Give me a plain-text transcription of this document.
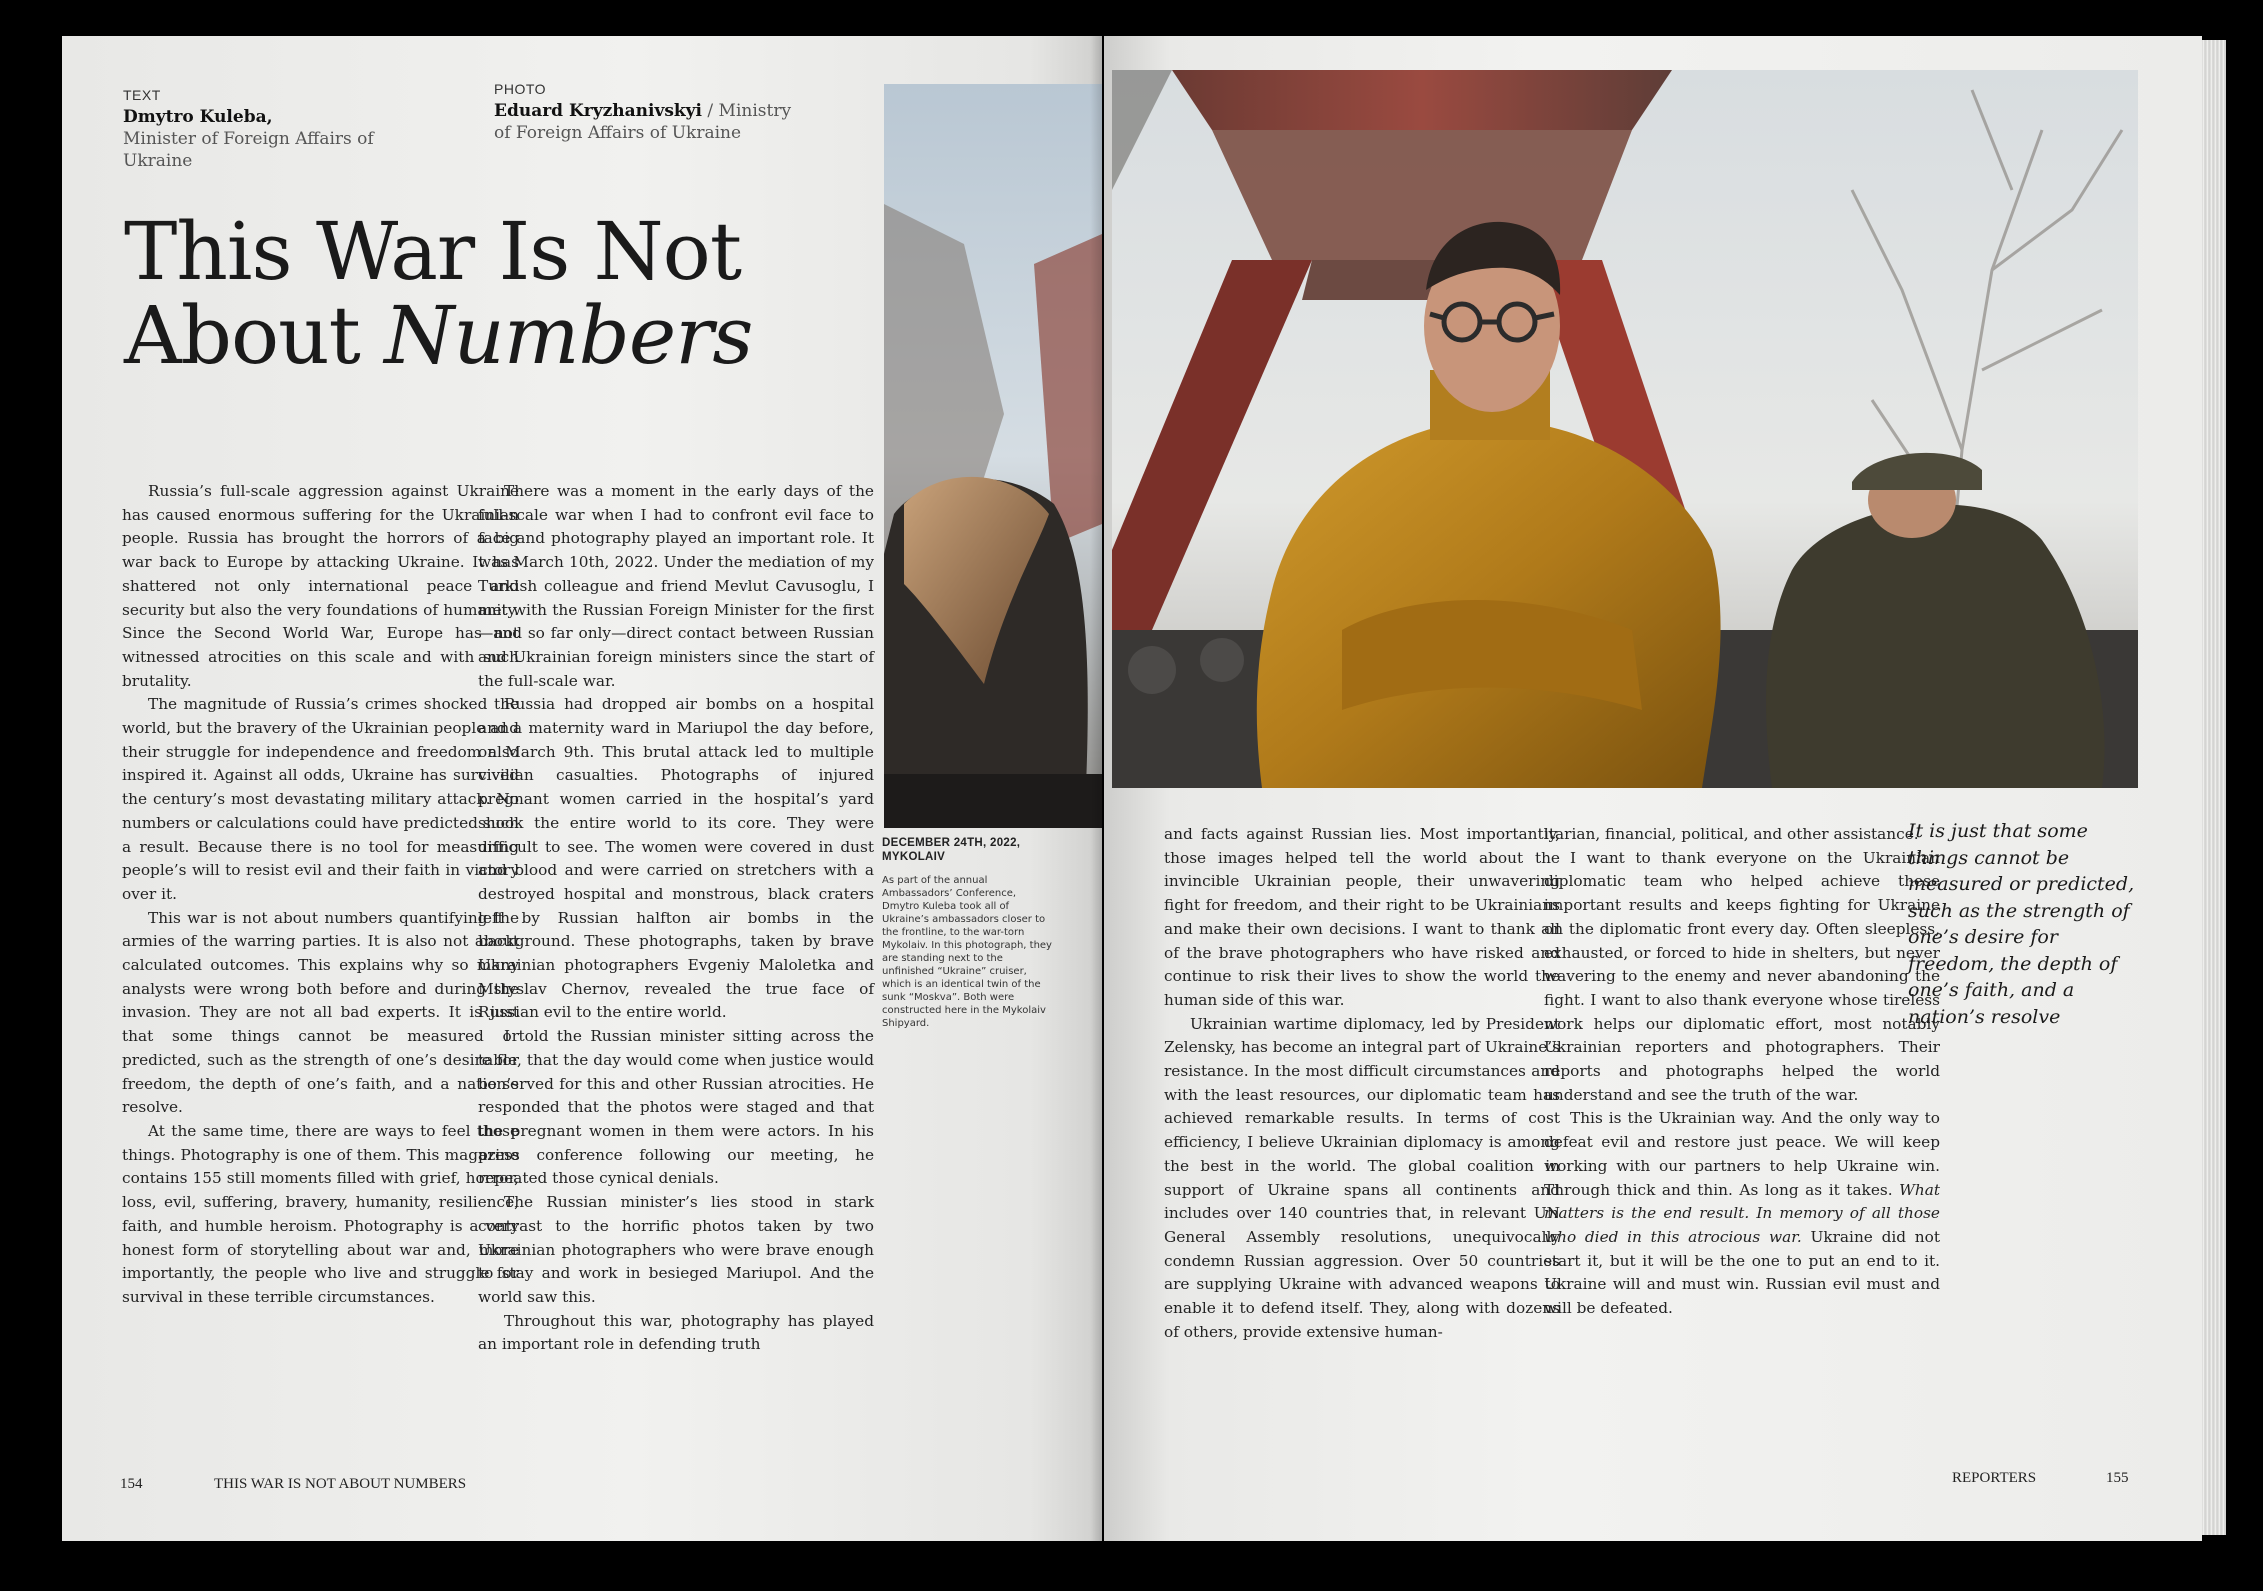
TEXT
Dmytro Kuleba,
Minister of Foreign Affairs of Ukraine
PHOTO
Eduard Kryzhanivskyi / Ministry
of Foreign Affairs of Ukraine
This War Is Not
About Numbers

Russia’s full-scale aggression against Ukraine has caused enormous suffering for the Ukrainian people. Russia has brought the horrors of a big war back to Europe by attacking Ukraine. It has shattered not only international peace and security but also the very foundations of humanity. Since the Second World War, Europe has not witnessed atrocities on this scale and with such brutality.

The magnitude of Russia’s crimes shocked the world, but the bravery of the Ukrainian people and their struggle for independence and freedom also inspired it. Against all odds, Ukraine has survived the century’s most devastating military attack. No numbers or calculations could have predicted such a result. Because there is no tool for measuring people’s will to resist evil and their faith in victory over it.

This war is not about numbers quantifying the armies of the warring parties. It is also not about calculated outcomes. This explains why so many analysts were wrong both before and during the invasion. They are not all bad experts. It is just that some things cannot be measured or predicted, such as the strength of one’s desire for freedom, the depth of one’s faith, and a nation’s resolve.

At the same time, there are ways to feel those things. Photography is one of them. This magazine contains 155 still moments filled with grief, horror, loss, evil, suffering, bravery, humanity, resilience, faith, and humble heroism. Photography is a very honest form of storytelling about war and, more importantly, the people who live and struggle for survival in these terrible circumstances.

There was a moment in the early days of the full-scale war when I had to confront evil face to face and photography played an important role. It was March 10th, 2022. Under the mediation of my Turkish colleague and friend Mevlut Cavusoglu, I met with the Russian Foreign Minister for the first—and so far only—direct contact between Russian and Ukrainian foreign ministers since the start of the full-scale war.

Russia had dropped air bombs on a hospital and a maternity ward in Mariupol the day before, on March 9th. This brutal attack led to multiple civilian casualties. Photographs of injured pregnant women carried in the hospital’s yard shook the entire world to its core. They were difficult to see. The women were covered in dust and blood and were carried on stretchers with a destroyed hospital and monstrous, black craters left by Russian halfton air bombs in the background. These photographs, taken by brave Ukrainian photographers Evgeniy Maloletka and Mstyslav Chernov, revealed the true face of Russian evil to the entire world.

I told the Russian minister sitting across the table, that the day would come when justice would be served for this and other Russian atrocities. He responded that the photos were staged and that the pregnant women in them were actors. In his press conference following our meeting, he repeated those cynical denials.

The Russian minister’s lies stood in stark contrast to the horrific photos taken by two Ukrainian photographers who were brave enough to stay and work in besieged Mariupol. And the world saw this.

Throughout this war, photography has played an important role in defending truth

DECEMBER 24TH, 2022,
MYKOLAIV
As part of the annual Ambassadors’ Conference, Dmytro Kuleba took all of Ukraine’s ambassadors closer to the frontline, to the war-torn Mykolaiv. In this photograph, they are standing next to the unfinished “Ukraine” cruiser, which is an identical twin of the sunk “Moskva”. Both were constructed here in the Mykolaiv Shipyard.
154	THIS WAR IS NOT ABOUT NUMBERS

and facts against Russian lies. Most importantly, those images helped tell the world about the invincible Ukrainian people, their unwavering fight for freedom, and their right to be Ukrainians and make their own decisions. I want to thank all of the brave photographers who have risked and continue to risk their lives to show the world the human side of this war.

Ukrainian wartime diplomacy, led by President Zelensky, has become an integral part of Ukraine’s resistance. In the most difficult circumstances and with the least resources, our diplomatic team has achieved remarkable results. In terms of cost efficiency, I believe Ukrainian diplomacy is among the best in the world. The global coalition in support of Ukraine spans all continents and includes over 140 countries that, in relevant UN General Assembly resolutions, unequivocally condemn Russian aggression. Over 50 countries are supplying Ukraine with advanced weapons to enable it to defend itself. They, along with dozens of others, provide extensive human-

itarian, financial, political, and other assistance.

I want to thank everyone on the Ukrainian diplomatic team who helped achieve these important results and keeps fighting for Ukraine on the diplomatic front every day. Often sleepless, exhausted, or forced to hide in shelters, but never wavering to the enemy and never abandoning the fight. I want to also thank everyone whose tireless work helps our diplomatic effort, most notably Ukrainian reporters and photographers. Their reports and photographs helped the world understand and see the truth of the war.

This is the Ukrainian way. And the only way to defeat evil and restore just peace. We will keep working with our partners to help Ukraine win. Through thick and thin. As long as it takes. What matters is the end result. In memory of all those who died in this atrocious war. Ukraine did not start it, but it will be the one to put an end to it. Ukraine will and must win. Russian evil must and will be defeated.

It is just that some things cannot be measured or predicted, such as the strength of one’s desire for freedom, the depth of one’s faith, and a nation’s resolve
REPORTERS	155
